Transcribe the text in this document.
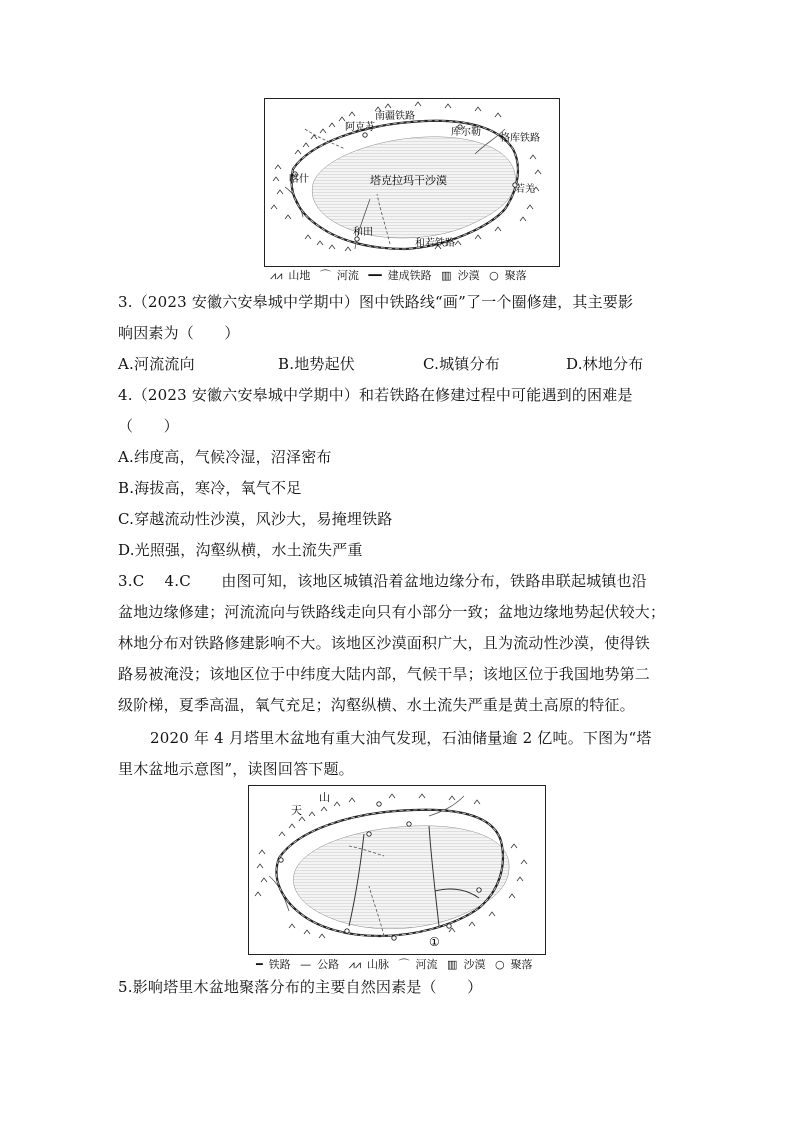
南疆铁路
阿克苏	库尔勒
格库铁路
喀什	塔克拉玛干沙漠
若羌
和田
和若铁路
⩘⩘ 山地 ⌒ 河流 ━━ 建成铁路 ▥ 沙漠 ○ 聚落
3.（2023 安徽六安皋城中学期中）图中铁路线“画”了一个圈修建，其主要影
响因素为（　　）
A.河流流向	B.地势起伏	C.城镇分布	D.林地分布
4.（2023 安徽六安皋城中学期中）和若铁路在修建过程中可能遇到的困难是
（　　）
A.纬度高，气候冷湿，沼泽密布
B.海拔高，寒冷，氧气不足
C.穿越流动性沙漠，风沙大，易掩埋铁路
D.光照强，沟壑纵横，水土流失严重
3.C　 4.C　　由图可知，该地区城镇沿着盆地边缘分布，铁路串联起城镇也沿
盆地边缘修建；河流流向与铁路线走向只有小部分一致；盆地边缘地势起伏较大；
林地分布对铁路修建影响不大。该地区沙漠面积广大，且为流动性沙漠，使得铁
路易被淹没；该地区位于中纬度大陆内部，气候干旱；该地区位于我国地势第二
级阶梯，夏季高温，氧气充足；沟壑纵横、水土流失严重是黄土高原的特征。
2020 年 4 月塔里木盆地有重大油气发现，石油储量逾 2 亿吨。下图为“塔
里木盆地示意图”，读图回答下题。
天
山
①
━ 铁路 — 公路 ⩘⩘ 山脉 ⌒ 河流 ▥ 沙漠 ○ 聚落
5.影响塔里木盆地聚落分布的主要自然因素是（　　）
